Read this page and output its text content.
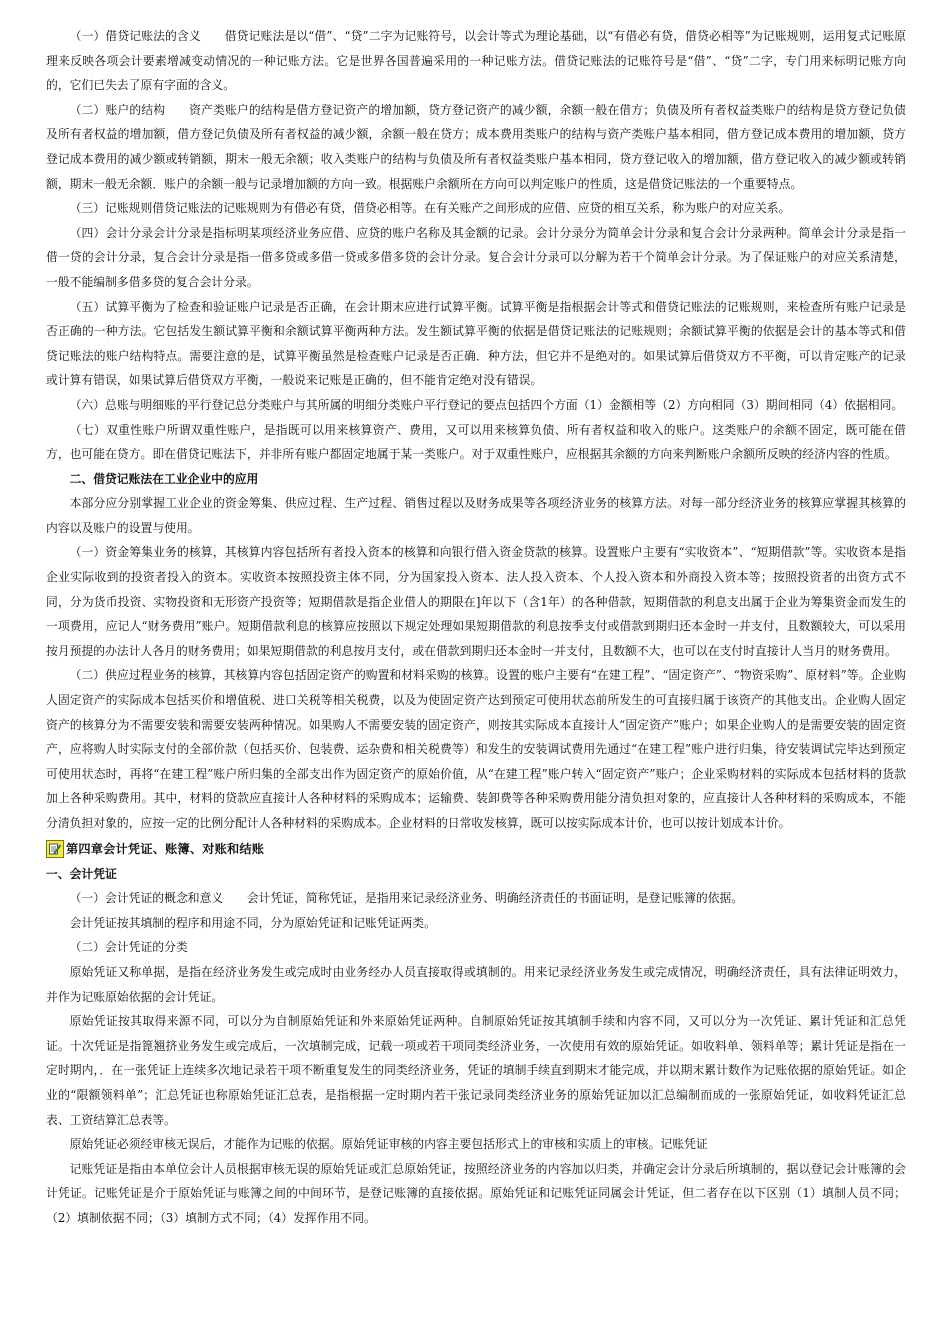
（一）借贷记账法的含义　　借贷记账法是以“借”、“贷”二字为记账符号，以会计等式为理论基础，以“有借必有贷，借贷必相等”为记账规则，运用复式记账原理来反映各项会计要素增减变动情况的一种记账方法。它是世界各国普遍采用的一种记账方法。借贷记账法的记账符号是“借”、“贷”二字，专门用来标明记账方向的，它们已失去了原有字面的含义。

（二）账户的结构　　资产类账户的结构是借方登记资产的增加额，贷方登记资产的减少额，余额一般在借方；负债及所有者权益类账户的结构是贷方登记负债及所有者权益的增加额，借方登记负债及所有者权益的减少额，余额一般在贷方；成本费用类账户的结构与资产类账户基本相同，借方登记成本费用的增加额，贷方登记成本费用的减少额或转销额，期末一般无余额；收入类账户的结构与负债及所有者权益类账户基本相同，贷方登记收入的增加额，借方登记收入的减少额或转销额，期末一般无余额．账户的余额一般与记录增加额的方向一致。根据账户余额所在方向可以判定账户的性质，这是借贷记账法的一个重要特点。

（三）记账规则借贷记账法的记账规则为有借必有贷，借贷必相等。在有关账产之间形成的应借、应贷的相互关系，称为账户的对应关系。

（四）会计分录会计分录是指标明某项经济业务应借、应贷的账户名称及其金额的记录。会计分录分为简单会计分录和复合会计分录两种。简单会计分录是指一借一贷的会计分录，复合会计分录是指一借多贷或多借一贷或多借多贷的会计分录。复合会计分录可以分解为若干个简单会计分录。为了保证账户的对应关系清楚，一般不能编制多借多贷的复合会计分录。

（五）试算平衡为了检查和验证账户记录是否正确，在会计期末应进行试算平衡。试算平衡是指根据会计等式和借贷记账法的记账规则，来检查所有账户记录是否正确的一种方法。它包括发生额试算平衡和余额试算平衡两种方法。发生额试算平衡的依据是借贷记账法的记账规则；余额试算平衡的依据是会计的基本等式和借贷记账法的账户结构特点。需要注意的是，试算平衡虽然是检查账户记录是否正确．种方法，但它并不是绝对的。如果试算后借贷双方不平衡，可以肯定账产的记录或计算有错误，如果试算后借贷双方平衡，一般说来记账是正确的，但不能肯定绝对没有错误。

（六）总账与明细账的平行登记总分类账户与其所属的明细分类账户平行登记的要点包括四个方面（1）金额相等（2）方向相同（3）期间相同（4）依据相同。

（七）双重性账户所谓双重性账户，是指既可以用来核算资产、费用，又可以用来核算负债、所有者权益和收入的账户。这类账户的余额不固定，既可能在借方，也可能在贷方。即在借贷记账法下，并非所有账户都固定地属于某一类账户。对于双重性账户，应根据其余额的方向来判断账户余额所反映的经济内容的性质。

二、借贷记账法在工业企业中的应用

本部分应分别掌握工业企业的资金筹集、供应过程、生产过程、销售过程以及财务成果等各项经济业务的核算方法。对每一部分经济业务的核算应掌握其核算的内容以及账户的设置与使用。

（一）资金筹集业务的核算，其核算内容包括所有者投入资本的核算和向银行借入资金贷款的核算。设置账户主要有“实收资本”、“短期借款”等。实收资本是指企业实际收到的投资者投入的资本。实收资本按照投资主体不同，分为国家投入资本、法人投入资本、个人投入资本和外商投入资本等；按照投资者的出资方式不同，分为货币投资、实物投资和无形资产投资等；短期借款是指企业借人的期限在]年以下（含1年）的各种借款，短期借款的利息支出属于企业为筹集资金而发生的一项费用，应记人“财务费用”账户。短期借款利息的核算应按照以下规定处理如果短期借款的利息按季支付或借款到期归还本金时一并支付，且数额较大，可以采用按月预提的办法计人各月的财务费用；如果短期借款的利息按月支付，或在借款到期归还本金时一并支付，且数额不大，也可以在支付时直接计人当月的财务费用。

（二）供应过程业务的核算，其核算内容包括固定资产的购置和材料采购的核算。设置的账户主要有“在建工程”、“固定资产”、“物资采购”、原材料”等。企业购人固定资产的实际成本包括买价和增值税、进口关税等相关税费，以及为使固定资产达到预定可使用状态前所发生的可直接归属于该资产的其他支出。企业购人固定资产的核算分为不需要安装和需要安装两种情况。如果购人不需要安装的固定资产，则按其实际成本直接计人“固定资产”账户；如果企业购人的是需要安装的固定资产，应将购人时实际支付的全部价款（包括买价、包装费、运杂费和相关税费等）和发生的安装调试费用先通过“在建工程”账户进行归集，待安装调试完毕达到预定可使用状态时，再将“在建工程”账户所归集的全部支出作为固定资产的原始价值，从“在建工程”账户转入“固定资产”账户；企业采购材料的实际成本包括材料的货款加上各种采购费用。其中，材料的贷款应直接计人各种材料的采购成本；运输费、装卸费等各种采购费用能分清负担对象的，应直接计人各种材料的采购成本，不能分清负担对象的，应按一定的比例分配计人各种材料的采购成本。企业材料的日常收发核算，既可以按实际成本计价，也可以按计划成本计价。

第四章会计凭证、账簿、对账和结账
一、会计凭证

（一）会计凭证的概念和意义　　会计凭证，简称凭证，是指用来记录经济业务、明确经济责任的书面证明，是登记账簿的依据。

会计凭证按其填制的程序和用途不同，分为原始凭证和记账凭证两类。

（二）会计凭证的分类

原始凭证又称单据，是指在经济业务发生或完成时由业务经办人员直接取得或填制的。用来记录经济业务发生或完成情况，明确经济责任，具有法律证明效力，并作为记账原始依据的会计凭证。

原始凭证按其取得来源不同，可以分为自制原始凭证和外来原始凭证两种。自制原始凭证按其填制手续和内容不同，又可以分为一次凭证、累计凭证和汇总凭证。十次凭证是指篦翘挤业务发生或完成后，一次填制完成，记载一项或若干项同类经济业务，一次使用有效的原始凭证。如收料单、领料单等；累计凭证是指在一定时期内，．在一张凭证上连续多次地记录若干项不断重复发生的同类经济业务，凭证的填制手续直到期末才能完成，并以期末累计数作为记账依据的原始凭证。如企业的“限额领料单”；汇总凭证也称原始凭证汇总表，是指根据一定时期内若干张记录同类经济业务的原始凭证加以汇总编制而成的一张原始凭证，如收料凭证汇总表、工资结算汇总表等。

原始凭证必须经审核无误后，才能作为记账的依据。原始凭证审核的内容主要包括形式上的审核和实质上的审核。记账凭证

记账凭证是指由本单位会计人员根据审核无误的原始凭证或汇总原始凭证，按照经济业务的内容加以归类，并确定会计分录后所填制的，据以登记会计账簿的会计凭证。记账凭证是介于原始凭证与账簿之间的中间环节，是登记账簿的直接依据。原始凭证和记账凭证同属会计凭证，但二者存在以下区别（1）填制人员不同；（2）填制依据不同；（3）填制方式不同；（4）发挥作用不同。
